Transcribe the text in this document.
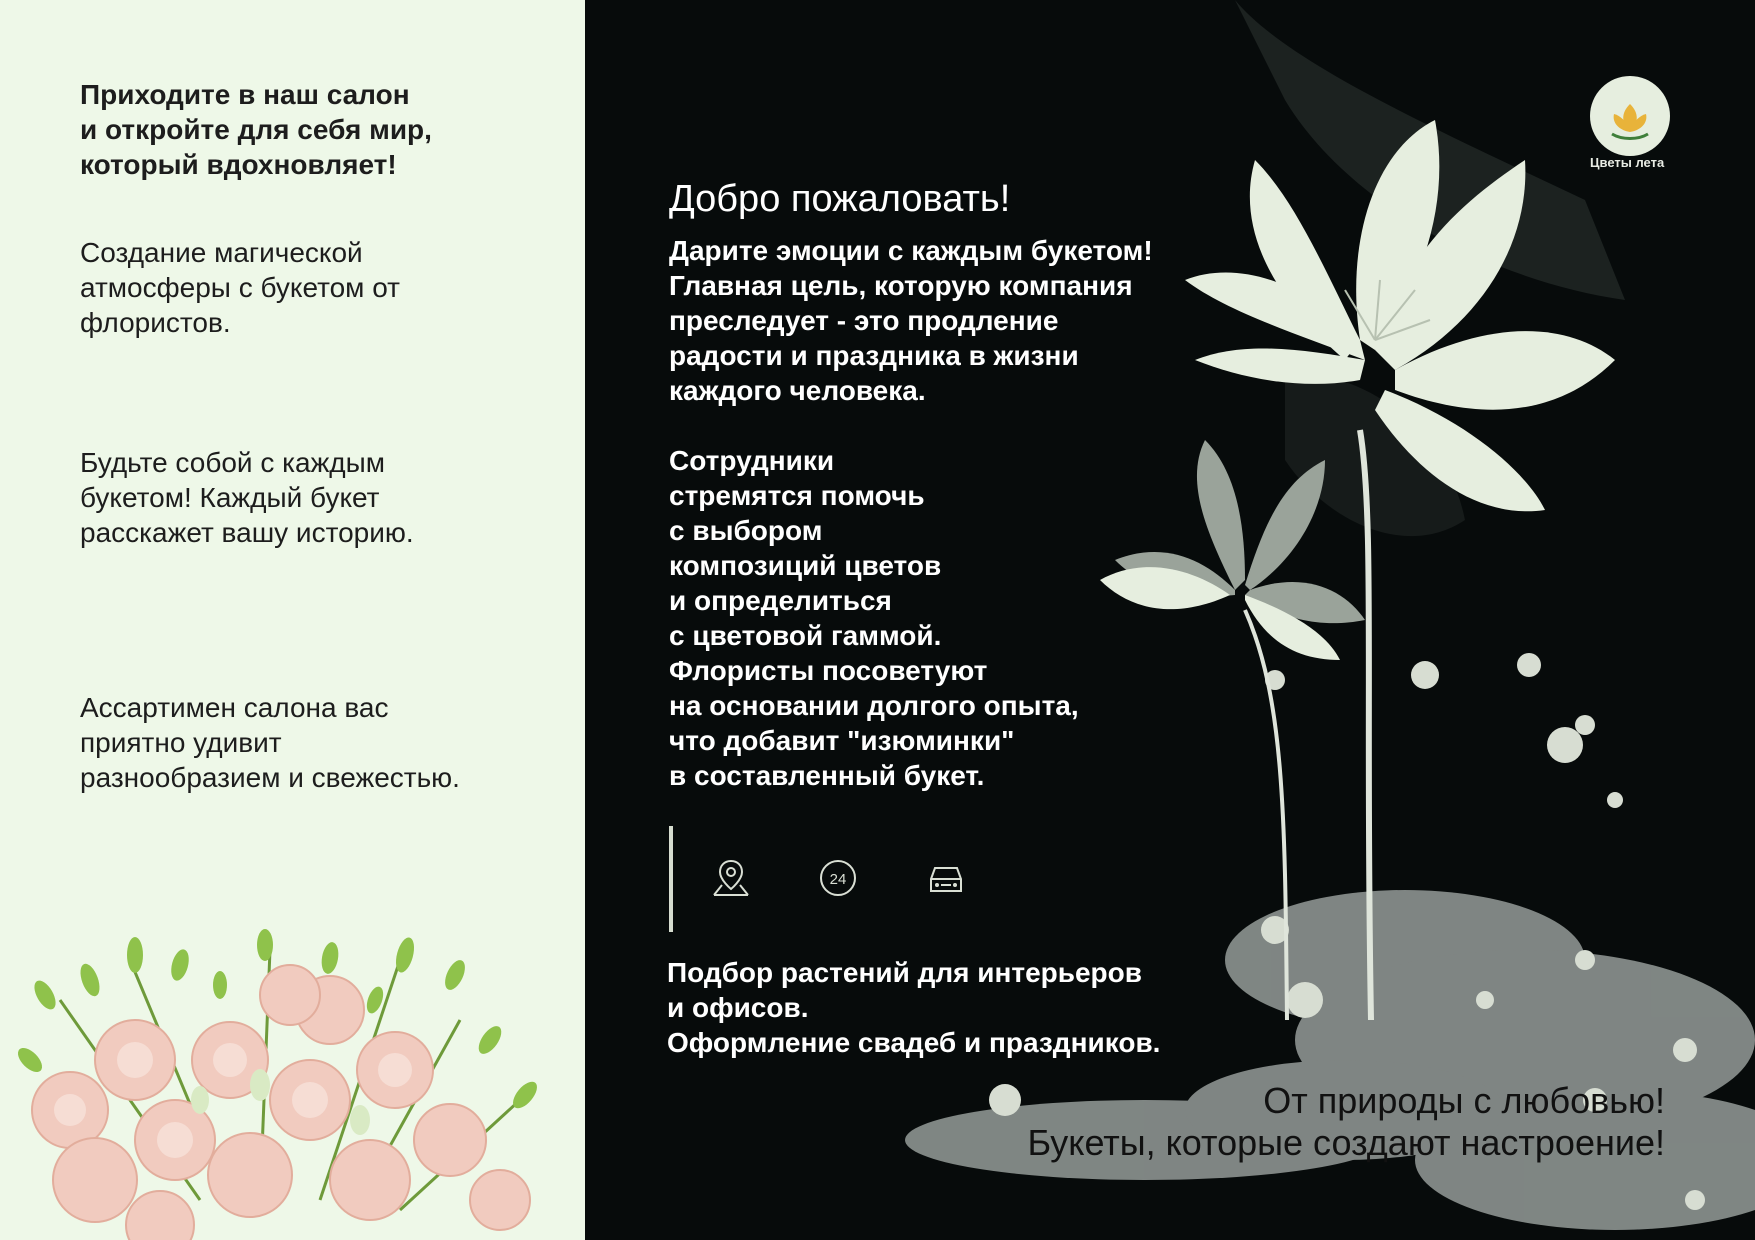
Приходите в наш салон
и откройте для себя мир,
который вдохновляет!
Создание магической
атмосферы с букетом от
флористов.
Будьте собой с каждым
букетом! Каждый букет
расскажет вашу историю.
Ассартимен салона вас
приятно удивит
разнообразием и свежестью.
Добро пожаловать!
Дарите эмоции с каждым букетом!
Главная цель, которую компания
преследует - это продление
радости и праздника в жизни
каждого человека.
Сотрудники
стремятся помочь
с выбором
композиций цветов
и определиться
с цветовой гаммой.
Флористы посоветуют
на основании долгого опыта,
что добавит "изюминки"
в составленный букет.
Подбор растений для интерьеров
и офисов.
Оформление свадеб и праздников.
Цветы лета
24
От природы с любовью!
Букеты, которые создают настроение!
